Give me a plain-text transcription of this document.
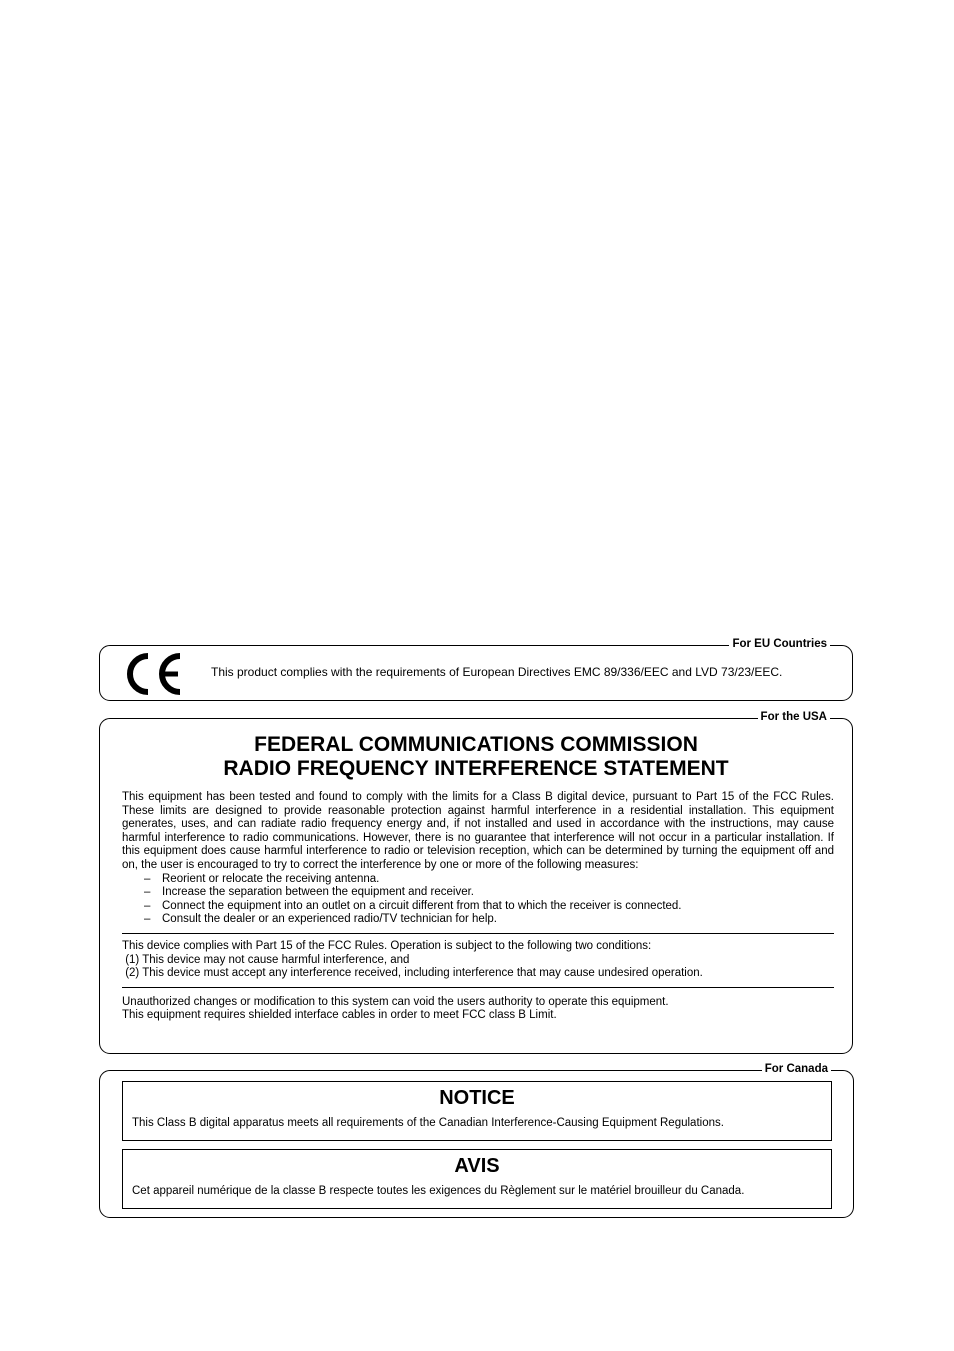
For EU Countries
This product complies with the requirements of European Directives EMC 89/336/EEC and LVD 73/23/EEC.
For the USA
FEDERAL COMMUNICATIONS COMMISSION
RADIO FREQUENCY INTERFERENCE STATEMENT

This equipment has been tested and found to comply with the limits for a Class B digital device, pursuant to Part 15 of the FCC Rules. These limits are designed to provide reasonable protection against harmful interference in a residential installation. This equipment generates, uses, and can radiate radio frequency energy and, if not installed and used in accordance with the instructions, may cause harmful interference to radio communications. However, there is no guarantee that interference will not occur in a particular installation. If this equipment does cause harmful interference to radio or television reception, which can be determined by turning the equipment off and on, the user is encouraged to try to correct the interference by one or more of the following measures:

– Reorient or relocate the receiving antenna.
– Increase the separation between the equipment and receiver.
– Connect the equipment into an outlet on a circuit different from that to which the receiver is connected.
– Consult the dealer or an experienced radio/TV technician for help.
This device complies with Part 15 of the FCC Rules. Operation is subject to the following two conditions:
(1) This device may not cause harmful interference, and
(2) This device must accept any interference received, including interference that may cause undesired operation.
Unauthorized changes or modification to this system can void the users authority to operate this equipment.
This equipment requires shielded interface cables in order to meet FCC class B Limit.
For Canada
NOTICE

This Class B digital apparatus meets all requirements of the Canadian Interference-Causing Equipment Regulations.

AVIS

Cet appareil numérique de la classe B respecte toutes les exigences du Règlement sur le matériel brouilleur du Canada.
